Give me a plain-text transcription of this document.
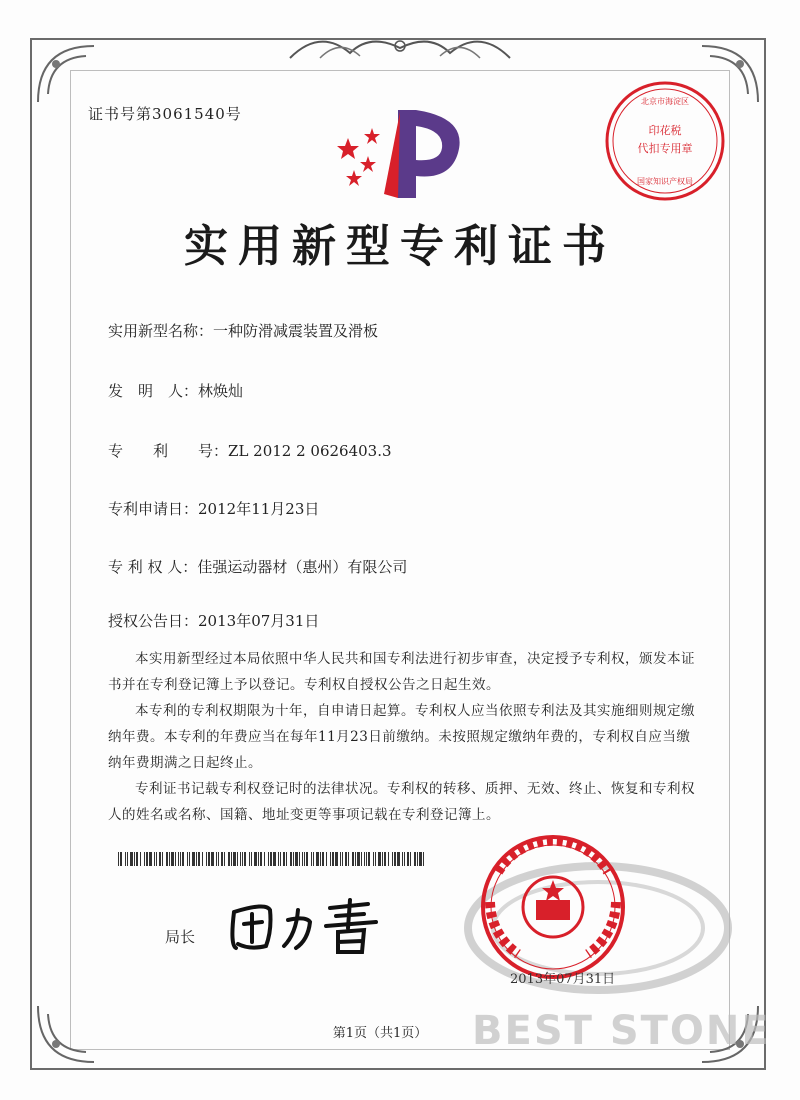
证书号第3061540号
实用新型专利证书
实用新型名称：一种防滑减震装置及滑板
发　明　人：林焕灿
专　　利　　号：ZL 2012 2 0626403.3
专利申请日：2012年11月23日
专 利 权 人：佳强运动器材（惠州）有限公司
授权公告日：2013年07月31日

本实用新型经过本局依照中华人民共和国专利法进行初步审查，决定授予专利权，颁发本证书并在专利登记簿上予以登记。专利权自授权公告之日起生效。

本专利的专利权期限为十年，自申请日起算。专利权人应当依照专利法及其实施细则规定缴纳年费。本专利的年费应当在每年11月23日前缴纳。未按照规定缴纳年费的，专利权自应当缴纳年费期满之日起终止。

专利证书记载专利权登记时的法律状况。专利权的转移、质押、无效、终止、恢复和专利权人的姓名或名称、国籍、地址变更等事项记载在专利登记簿上。

局长
印花税
代扣专用章
北京市海淀区
国家知识产权局
2013年07月31日
第1页（共1页）	BEST STONE
